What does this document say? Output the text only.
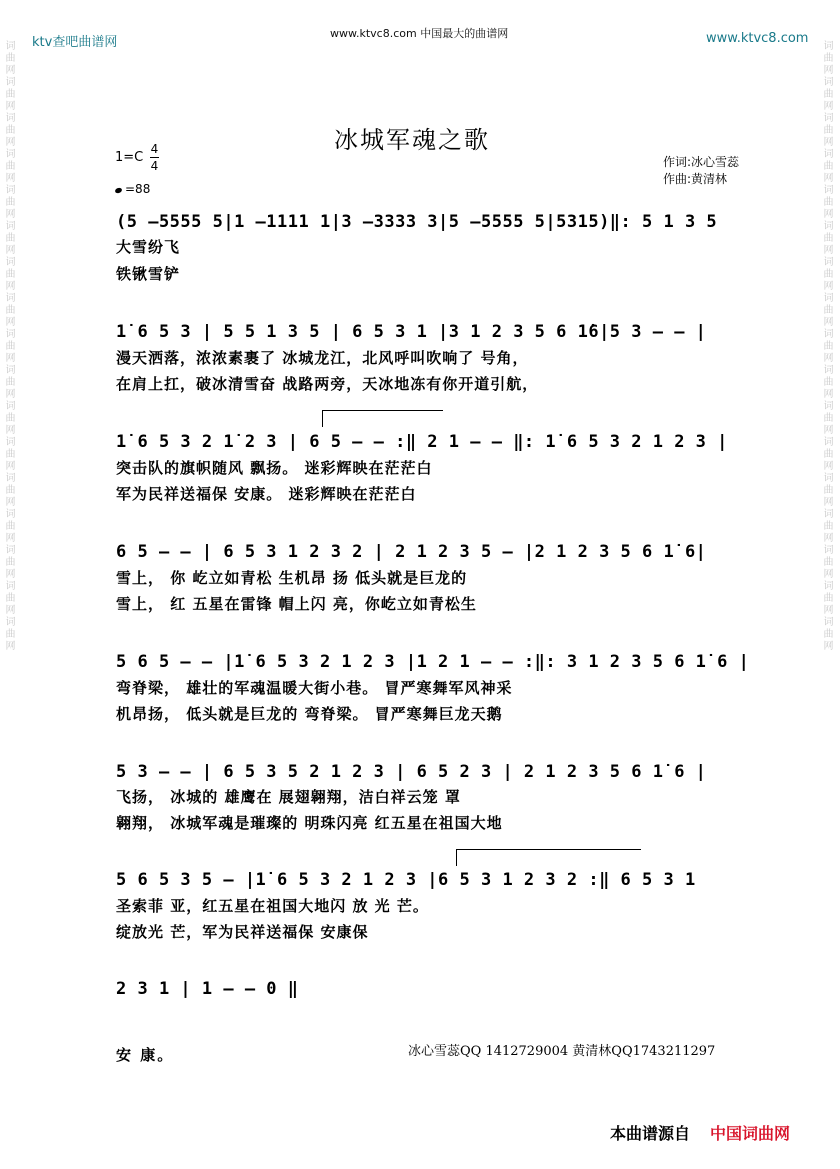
ktv查吧曲谱网
www.ktvc8.com 中国最大的曲谱网	www.ktvc8.com
词曲网词曲网词曲网词曲网词曲网词曲网词曲网词曲网词曲网词曲网词曲网词曲网词曲网词曲网词曲网词曲网词曲网	词曲网词曲网词曲网词曲网词曲网词曲网词曲网词曲网词曲网词曲网词曲网词曲网词曲网词曲网词曲网词曲网词曲网
冰城军魂之歌
1=C
4
4
=88
作词:冰心雪蕊
作曲:黄清林
(5 –5555 5|1 –1111 1|3 –3333 3|5 –5555 5|5315)‖: 5 1 3 5
大雪纷飞
铁锹雪铲
1̇ 6 5 3 | 5 5 1 3 5 | 6 5 3 1 |3 1 2 3 5 6 1̇6|5 3 – – |
漫天洒落，浓浓素裹了 冰城龙江，北风呼叫吹响了 号角，
在肩上扛，破冰清雪奋 战路两旁，天冰地冻有你开道引航，
1̇ 6 5 3 2 1̇ 2 3 | 6 5 – – :‖ 2 1 – – ‖: 1̇ 6 5 3 2 1 2 3 |
突击队的旗帜随风 飘扬。 迷彩辉映在茫茫白
军为民祥送福保 安康。 迷彩辉映在茫茫白
6 5 – – | 6 5 3 1 2 3 2 | 2 1 2 3 5 – |2 1 2 3 5 6 1̇ 6|
雪上， 你 屹立如青松 生机昂 扬 低头就是巨龙的
雪上， 红 五星在雷锋 帽上闪 亮，你屹立如青松生
5 6 5 – – |1̇ 6 5 3 2 1 2 3 |1 2 1 – – :‖: 3 1 2 3 5 6 1̇ 6 |
弯脊梁， 雄壮的军魂温暖大街小巷。 冒严寒舞军风神采
机昂扬， 低头就是巨龙的 弯脊梁。 冒严寒舞巨龙天鹅
5 3 – – | 6 5 3 5 2 1 2 3 | 6 5 2 3 | 2 1 2 3 5 6 1̇ 6 |
飞扬， 冰城的 雄鹰在 展翅翱翔，洁白祥云笼 罩
翱翔， 冰城军魂是璀璨的 明珠闪亮 红五星在祖国大地
5 6 5 3 5 – |1̇ 6 5 3 2 1 2 3 |6 5 3 1 2 3 2 :‖ 6 5 3 1
圣索菲 亚，红五星在祖国大地闪 放 光 芒。
绽放光 芒，军为民祥送福保 安康保
2 3 1 | 1 – – 0 ‖
安 康。	冰心雪蕊QQ 1412729004 黄清林QQ1743211297
本曲谱源自 中国词曲网
